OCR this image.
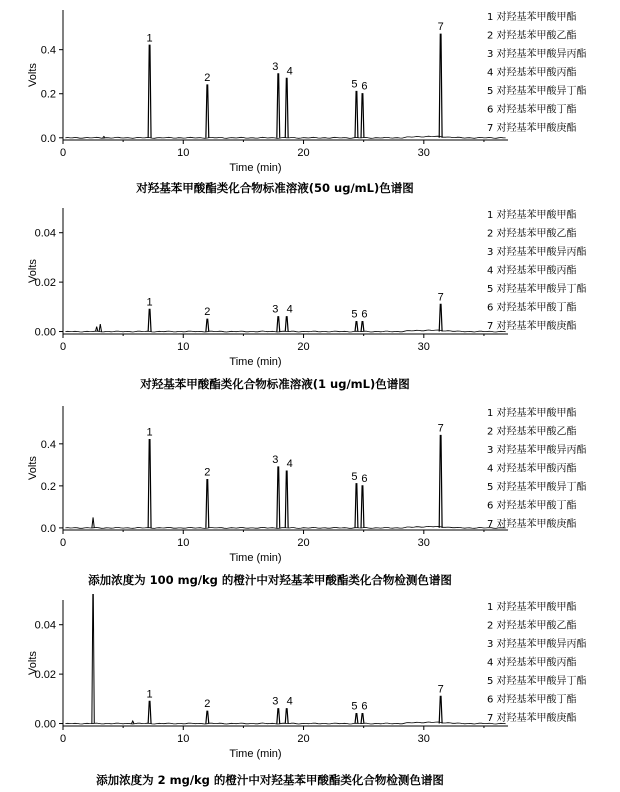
0	10	20	30
0.0
0.2
0.4
Time (min)
Volts
1
2
3 4
5 6
7
1 对羟基苯甲酸甲酯
2 对羟基苯甲酸乙酯
3 对羟基苯甲酸异丙酯
4 对羟基苯甲酸丙酯
5 对羟基苯甲酸异丁酯
6 对羟基苯甲酸丁酯
7 对羟基苯甲酸庚酯
对羟基苯甲酸酯类化合物标准溶液(50 ug/mL)色谱图
0	10	20	30
0.00
0.02
0.04
Time (min)
Volts
1
2	3 4	5 6
7
1 对羟基苯甲酸甲酯
2 对羟基苯甲酸乙酯
3 对羟基苯甲酸异丙酯
4 对羟基苯甲酸丙酯
5 对羟基苯甲酸异丁酯
6 对羟基苯甲酸丁酯
7 对羟基苯甲酸庚酯
对羟基苯甲酸酯类化合物标准溶液(1 ug/mL)色谱图
0	10	20	30
0.0
0.2
0.4
Time (min)
Volts
1
2
3 4
5 6
7
1 对羟基苯甲酸甲酯
2 对羟基苯甲酸乙酯
3 对羟基苯甲酸异丙酯
4 对羟基苯甲酸丙酯
5 对羟基苯甲酸异丁酯
6 对羟基苯甲酸丁酯
7 对羟基苯甲酸庚酯
添加浓度为 100 mg/kg 的橙汁中对羟基苯甲酸酯类化合物检测色谱图
0	10	20	30
0.00
0.02
0.04
Time (min)
Volts
1
2	3 4	5 6
7
1 对羟基苯甲酸甲酯
2 对羟基苯甲酸乙酯
3 对羟基苯甲酸异丙酯
4 对羟基苯甲酸丙酯
5 对羟基苯甲酸异丁酯
6 对羟基苯甲酸丁酯
7 对羟基苯甲酸庚酯
添加浓度为 2 mg/kg 的橙汁中对羟基苯甲酸酯类化合物检测色谱图
